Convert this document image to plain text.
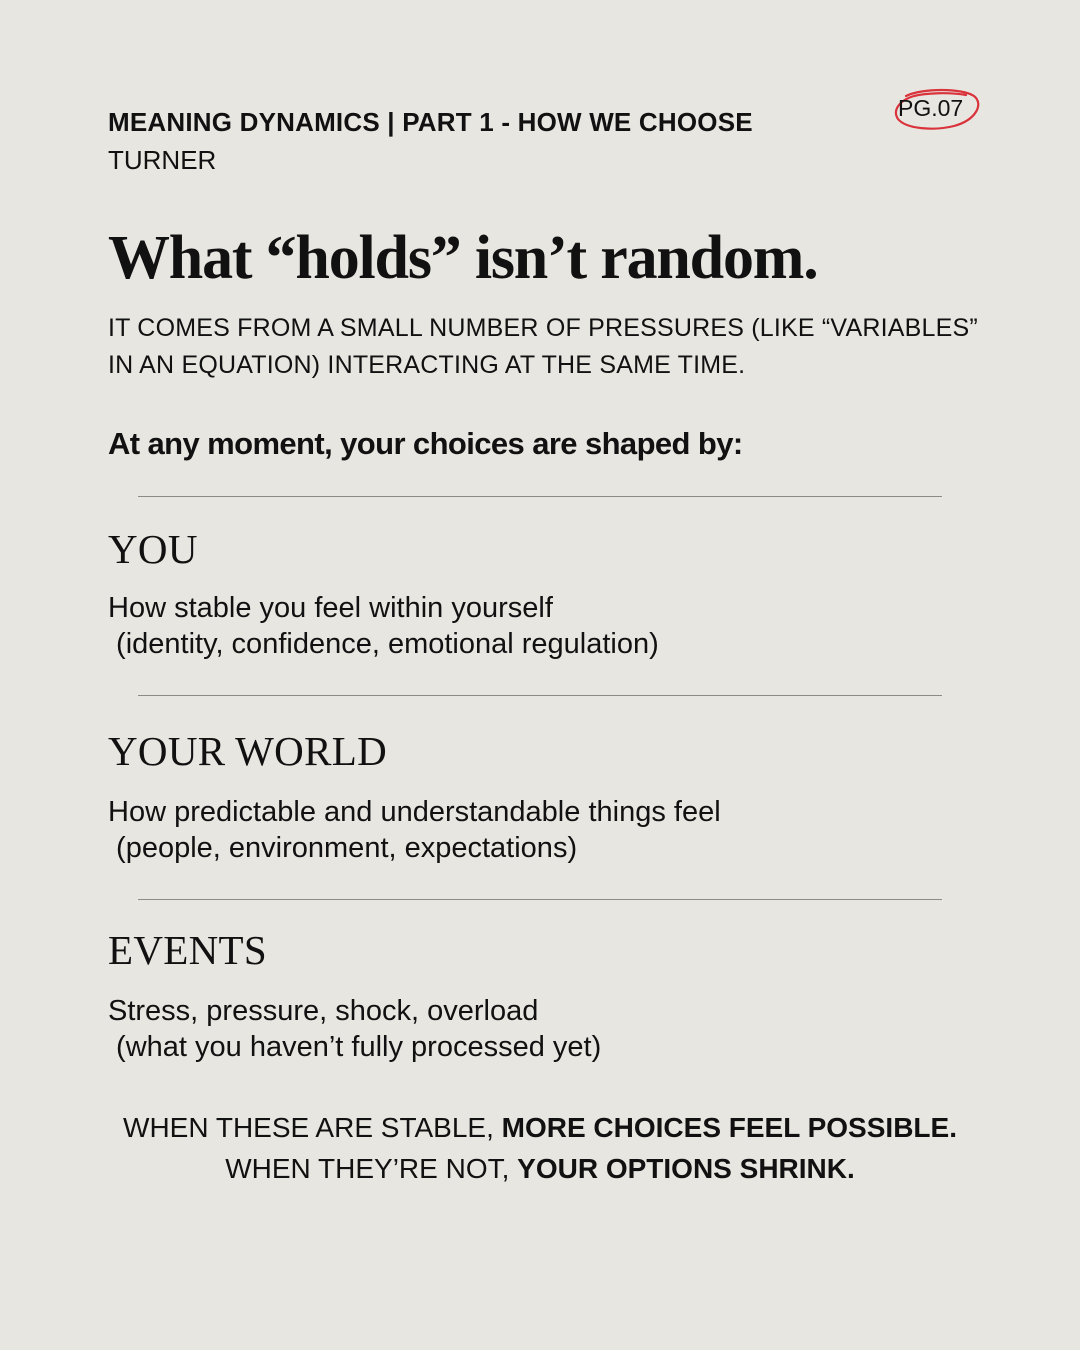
MEANING DYNAMICS | PART 1 - HOW WE CHOOSE
TURNER
PG.07
What “holds” isn’t random.
IT COMES FROM A SMALL NUMBER OF PRESSURES (LIKE “VARIABLES” IN AN EQUATION) INTERACTING AT THE SAME TIME.
At any moment, your choices are shaped by:
YOU
How stable you feel within yourself
(identity, confidence, emotional regulation)
YOUR WORLD
How predictable and understandable things feel
(people, environment, expectations)
EVENTS
Stress, pressure, shock, overload
(what you haven’t fully processed yet)
WHEN THESE ARE STABLE, MORE CHOICES FEEL POSSIBLE.
WHEN THEY’RE NOT, YOUR OPTIONS SHRINK.
